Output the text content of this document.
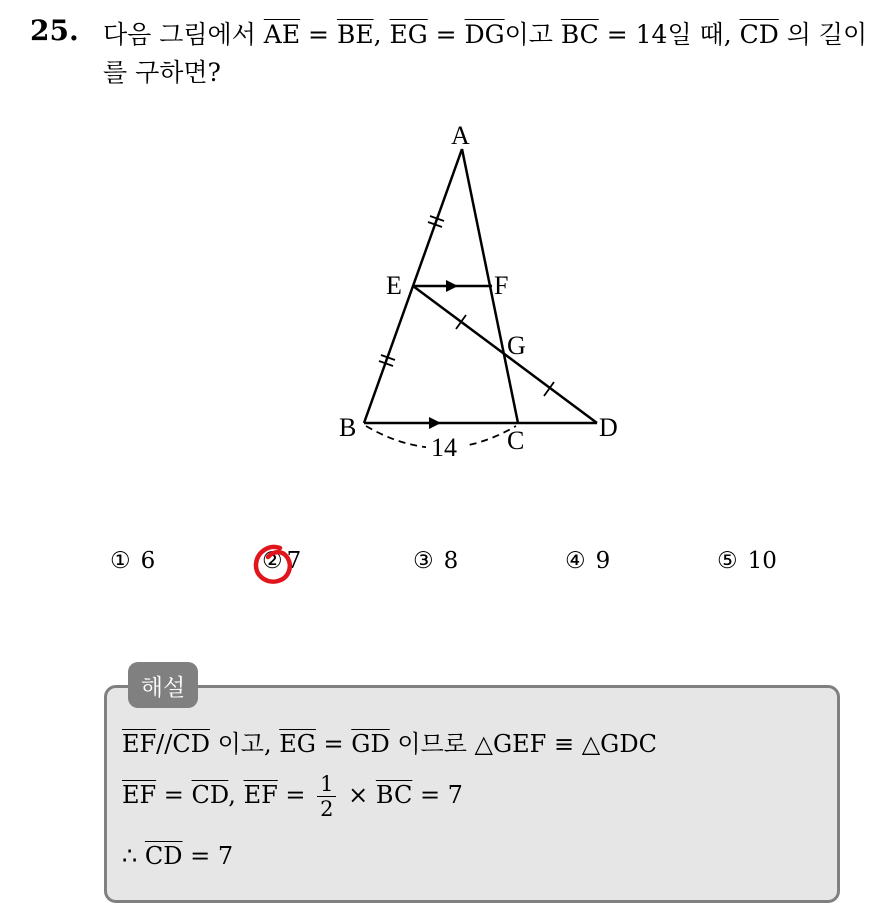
25. 다음 그림에서 $\overline{AE} = \overline{BE}$, $\overline{EG} = \overline{DG}$이고 $\overline{BC} = 14$일 때, $\overline{CD}$ 의 길이를 구하면?
A
E	F
G
B	C	D
14
① 6	② 7	③ 8	④ 9	⑤ 10
해설
$\overline{EF}//\overline{CD}$ 이고, $\overline{EG} = \overline{GD}$ 이므로 △GEF ≡ △GDC
$\overline{EF} = \overline{CD}$, $\overline{EF} = \frac{1}{2} \times \overline{BC} = 7$
∴ $\overline{CD} = 7$
